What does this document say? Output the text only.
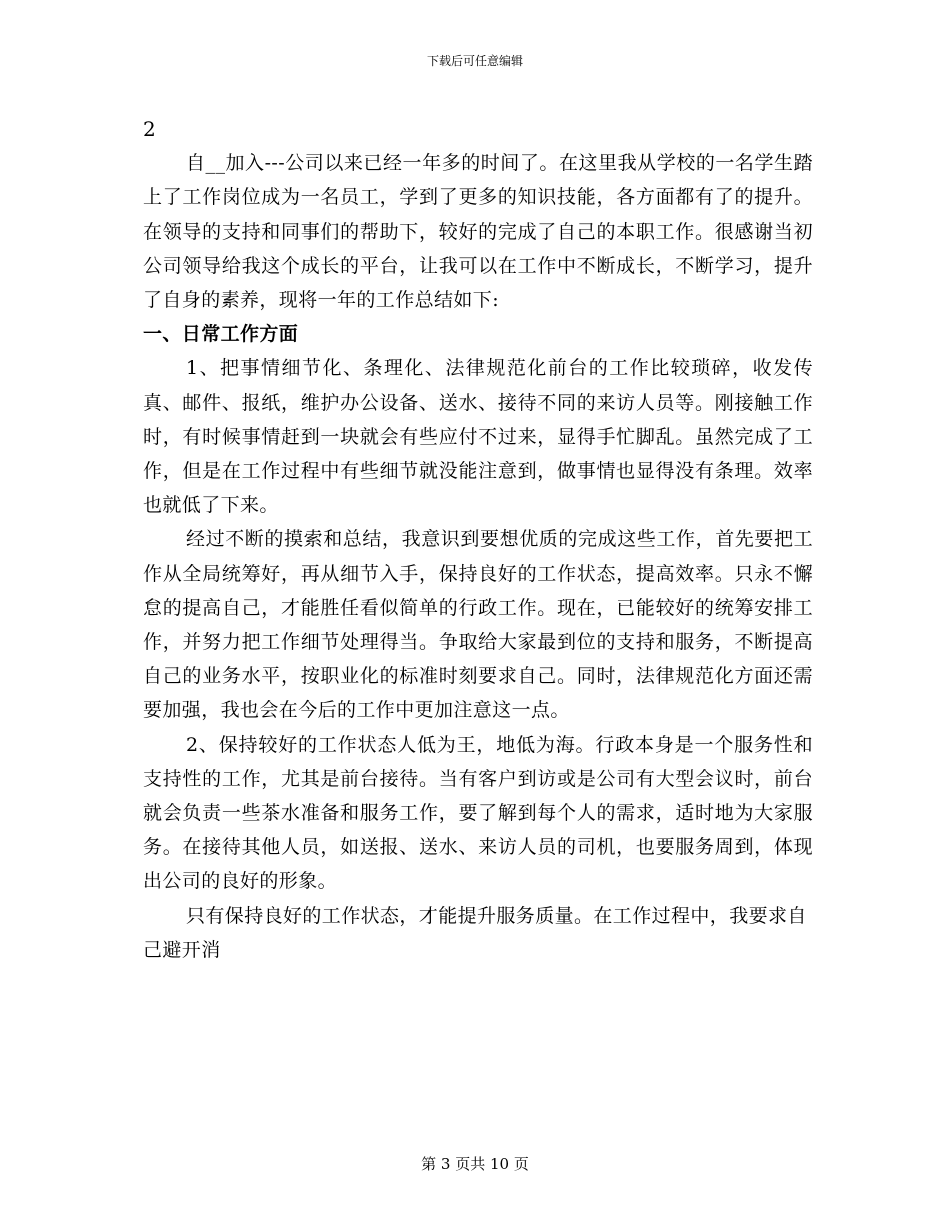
下载后可任意编辑

2

自__加入---公司以来已经一年多的时间了。在这里我从学校的一名学生踏上了工作岗位成为一名员工，学到了更多的知识技能，各方面都有了的提升。在领导的支持和同事们的帮助下，较好的完成了自己的本职工作。很感谢当初公司领导给我这个成长的平台，让我可以在工作中不断成长，不断学习，提升了自身的素养，现将一年的工作总结如下:

一、日常工作方面

1、把事情细节化、条理化、法律规范化前台的工作比较琐碎，收发传真、邮件、报纸，维护办公设备、送水、接待不同的来访人员等。刚接触工作时，有时候事情赶到一块就会有些应付不过来，显得手忙脚乱。虽然完成了工作，但是在工作过程中有些细节就没能注意到，做事情也显得没有条理。效率也就低了下来。

经过不断的摸索和总结，我意识到要想优质的完成这些工作，首先要把工作从全局统筹好，再从细节入手，保持良好的工作状态，提高效率。只永不懈怠的提高自己，才能胜任看似简单的行政工作。现在，已能较好的统筹安排工作，并努力把工作细节处理得当。争取给大家最到位的支持和服务，不断提高自己的业务水平，按职业化的标准时刻要求自己。同时，法律规范化方面还需要加强，我也会在今后的工作中更加注意这一点。

2、保持较好的工作状态人低为王，地低为海。行政本身是一个服务性和支持性的工作，尤其是前台接待。当有客户到访或是公司有大型会议时，前台就会负责一些茶水准备和服务工作，要了解到每个人的需求，适时地为大家服务。在接待其他人员，如送报、送水、来访人员的司机，也要服务周到，体现出公司的良好的形象。

只有保持良好的工作状态，才能提升服务质量。在工作过程中，我要求自己避开消

第 3 页共 10 页
